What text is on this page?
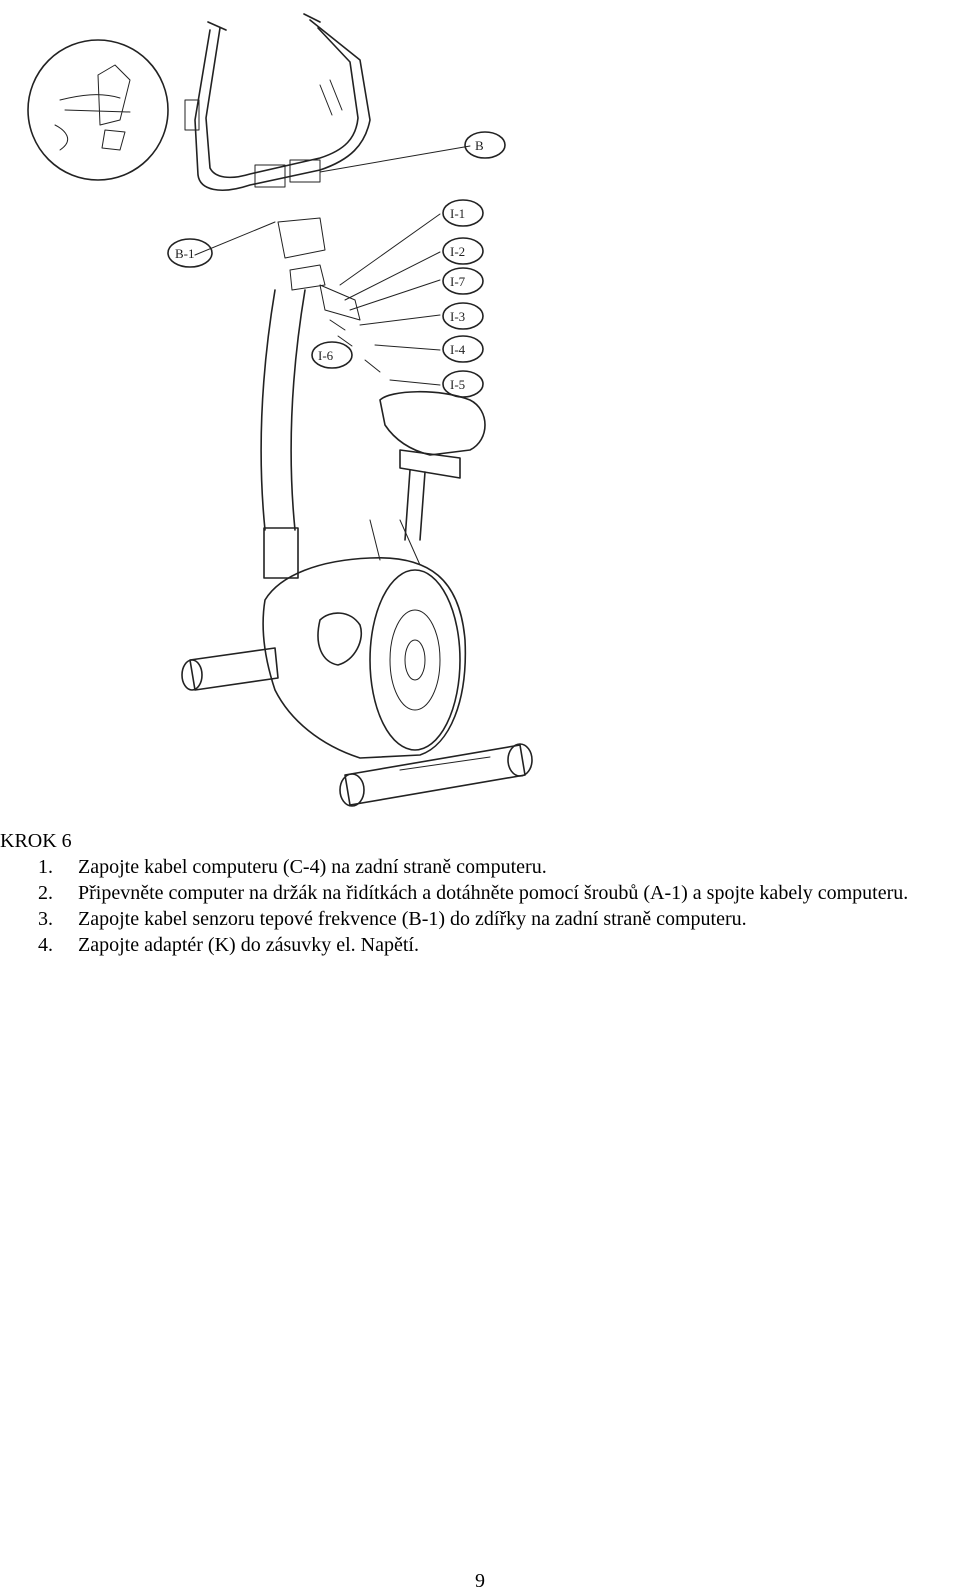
B
I-1
I-2
I-7
I-3
I-4
I-5
B-1
I-6
KROK 6
1. Zapojte kabel computeru (C-4) na zadní straně computeru.
2. Připevněte computer na držák na řidítkách a dotáhněte pomocí šroubů (A-1) a spojte kabely computeru.
3. Zapojte kabel senzoru tepové frekvence (B-1) do zdířky na zadní straně computeru.
4. Zapojte adaptér (K) do zásuvky el. Napětí.
9
